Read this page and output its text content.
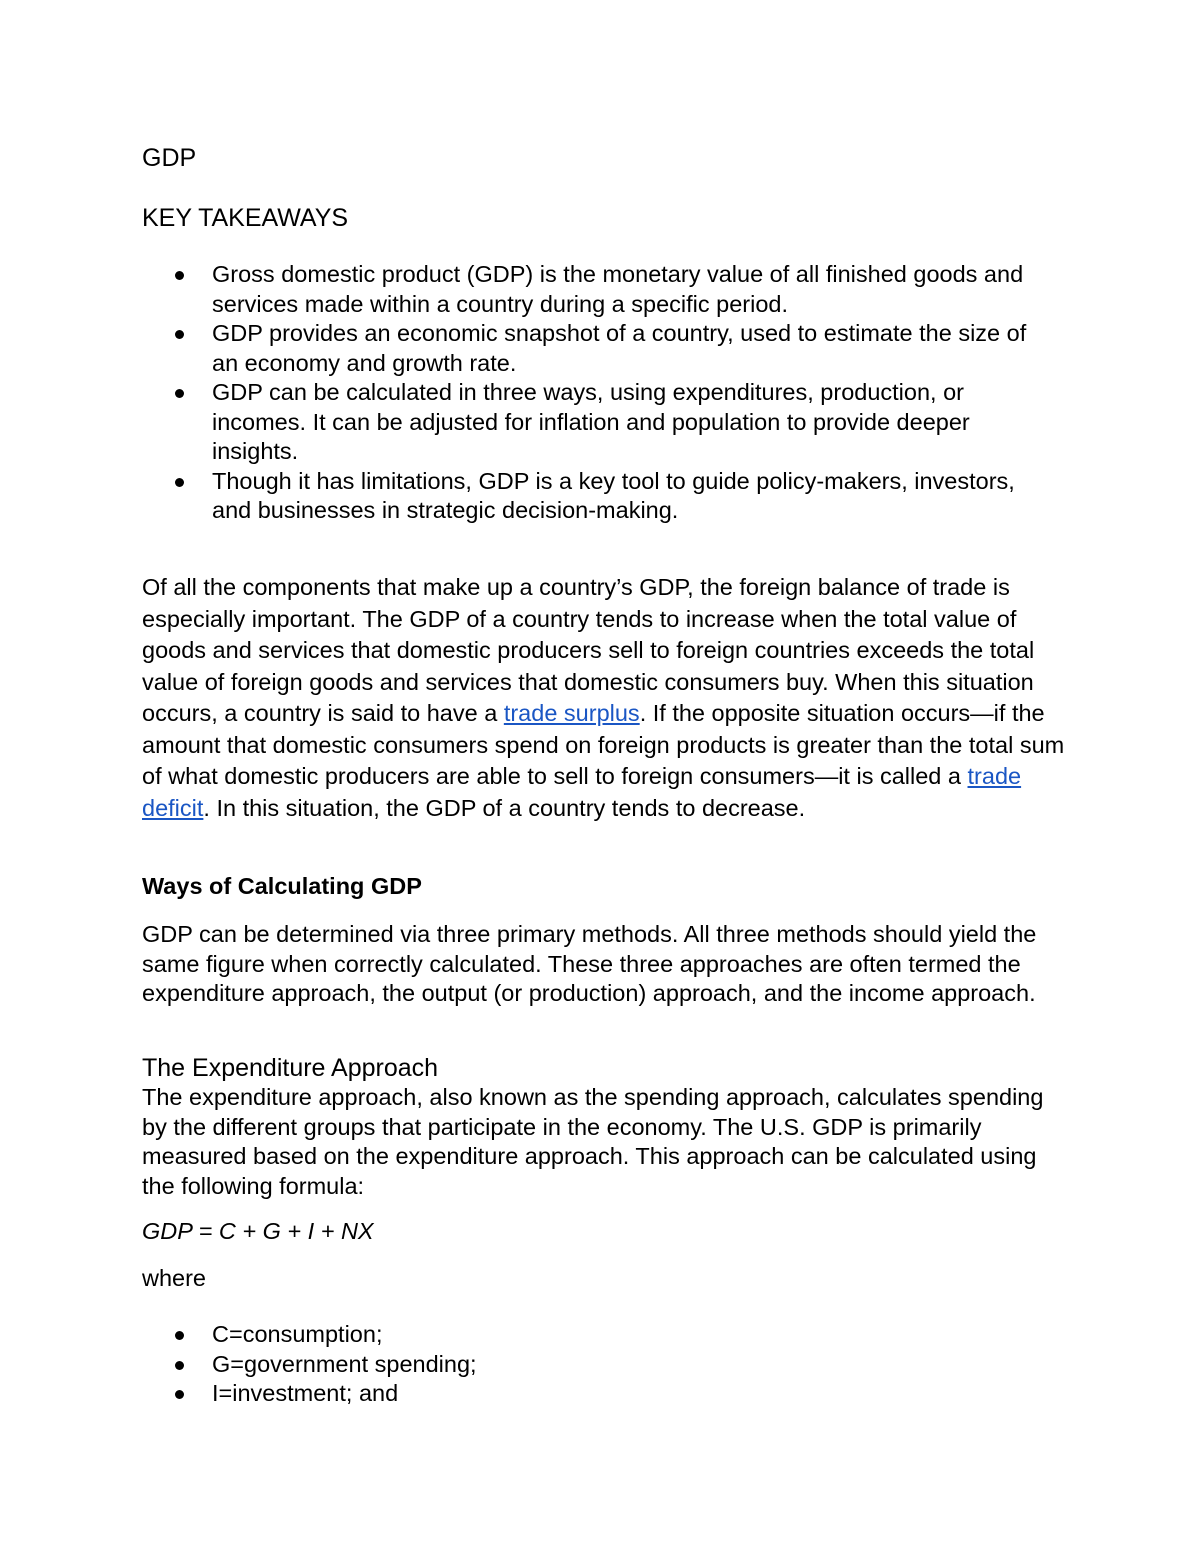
GDP
KEY TAKEAWAYS
Gross domestic product (GDP) is the monetary value of all finished goods and services made within a country during a specific period.
GDP provides an economic snapshot of a country, used to estimate the size of an economy and growth rate.
GDP can be calculated in three ways, using expenditures, production, or incomes. It can be adjusted for inflation and population to provide deeper insights.
Though it has limitations, GDP is a key tool to guide policy-makers, investors, and businesses in strategic decision-making.

Of all the components that make up a country’s GDP, the foreign balance of trade is especially important. The GDP of a country tends to increase when the total value of goods and services that domestic producers sell to foreign countries exceeds the total value of foreign goods and services that domestic consumers buy. When this situation occurs, a country is said to have a trade surplus. If the opposite situation occurs—if the amount that domestic consumers spend on foreign products is greater than the total sum of what domestic producers are able to sell to foreign consumers—it is called a trade deficit. In this situation, the GDP of a country tends to decrease.

Ways of Calculating GDP

GDP can be determined via three primary methods. All three methods should yield the same figure when correctly calculated. These three approaches are often termed the expenditure approach, the output (or production) approach, and the income approach.

The Expenditure Approach

The expenditure approach, also known as the spending approach, calculates spending by the different groups that participate in the economy. The U.S. GDP is primarily measured based on the expenditure approach. This approach can be calculated using the following formula:

GDP = C + G + I + NX

where

C=consumption;
G=government spending;
I=investment; and
